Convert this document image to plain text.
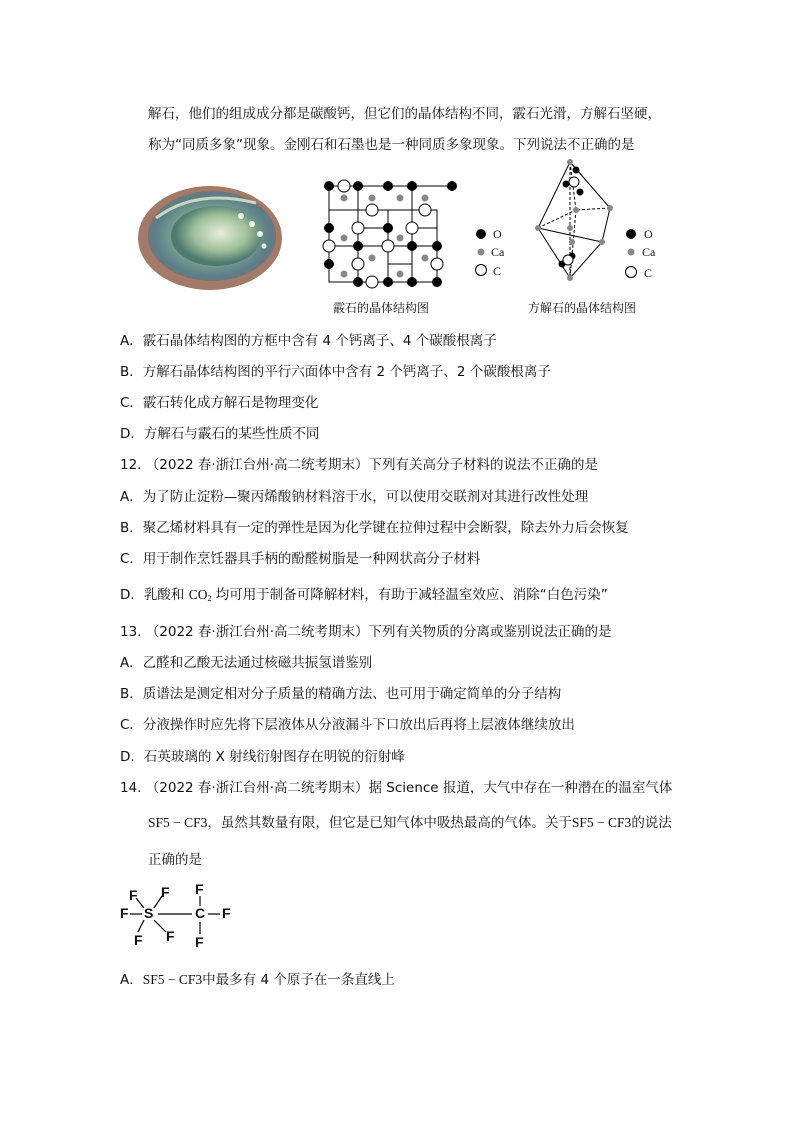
解石，他们的组成成分都是碳酸钙，但它们的晶体结构不同，霰石光滑，方解石坚硬，
称为“同质多象”现象。金刚石和石墨也是一种同质多象现象。下列说法不正确的是
O
Ca
C
O
Ca
C
霰石的晶体结构图	方解石的晶体结构图
A．霰石晶体结构图的方框中含有 4 个钙离子、4 个碳酸根离子
B．方解石晶体结构图的平行六面体中含有 2 个钙离子、2 个碳酸根离子
C．霰石转化成方解石是物理变化
D．方解石与霰石的某些性质不同
12. （2022 春·浙江台州·高二统考期末）下列有关高分子材料的说法不正确的是
A．为了防止淀粉—聚丙烯酸钠材料溶于水，可以使用交联剂对其进行改性处理
B．聚乙烯材料具有一定的弹性是因为化学键在拉伸过程中会断裂，除去外力后会恢复
C．用于制作烹饪器具手柄的酚醛树脂是一种网状高分子材料
D．乳酸和 $CO_2$ 均可用于制备可降解材料，有助于减轻温室效应、消除“白色污染”
13. （2022 春·浙江台州·高二统考期末）下列有关物质的分离或鉴别说法正确的是
A．乙醛和乙酸无法通过核磁共振氢谱鉴别
B．质谱法是测定相对分子质量的精确方法、也可用于确定简单的分子结构
C．分液操作时应先将下层液体从分液漏斗下口放出后再将上层液体继续放出
D．石英玻璃的 X 射线衍射图存在明锐的衍射峰
14. （2022 春·浙江台州·高二统考期末）据 Science 报道，大气中存在一种潜在的温室气体
SF5 − CF3，虽然其数量有限，但它是已知气体中吸热最高的气体。关于SF5 − CF3的说法
正确的是
S	C
F
F F
F F
F
F
F
A．SF5 − CF3中最多有 4 个原子在一条直线上
